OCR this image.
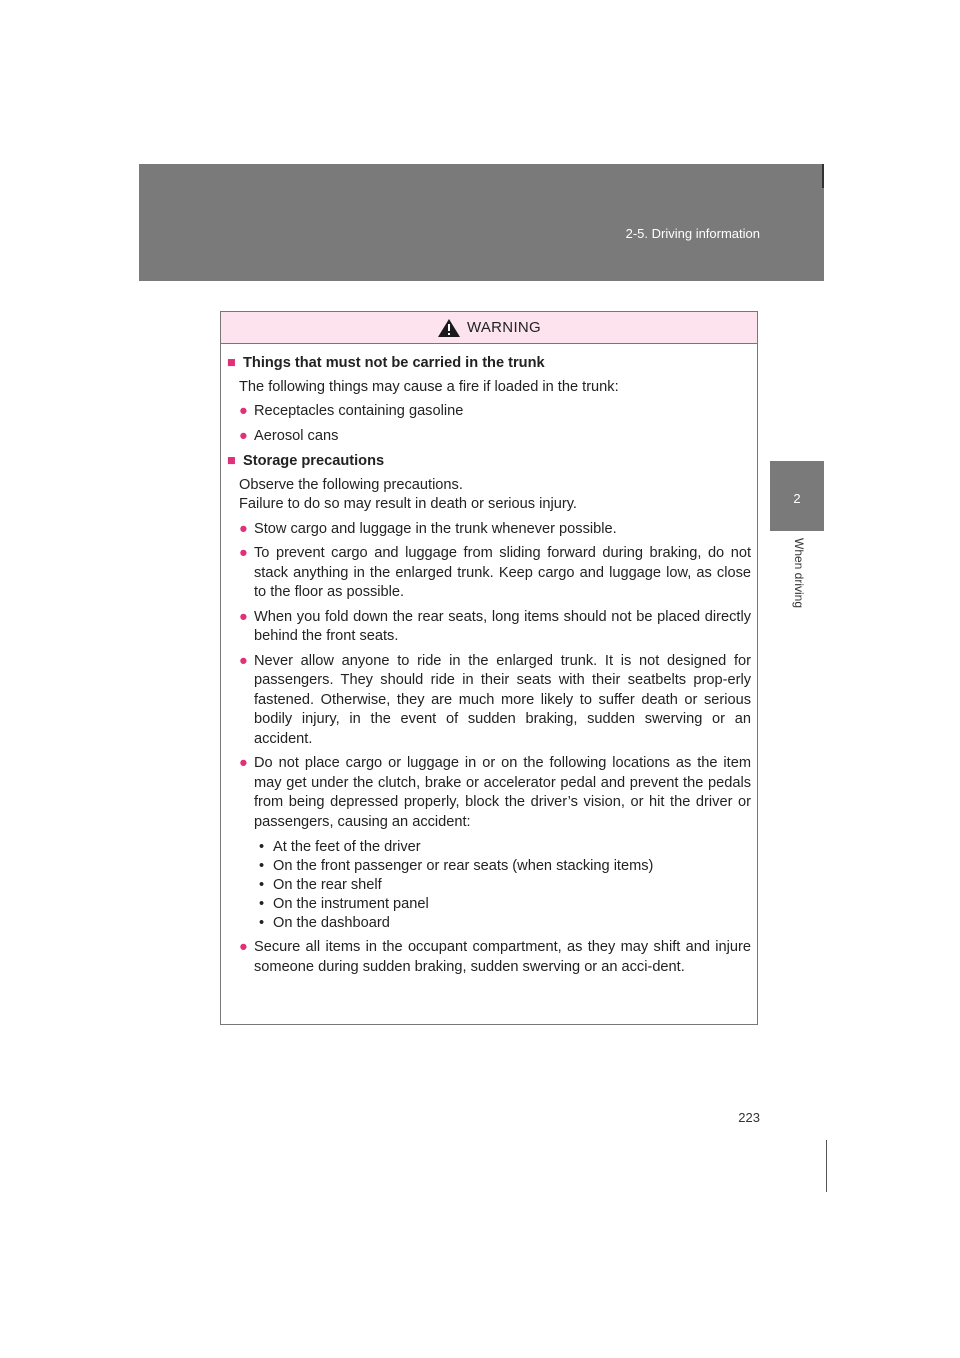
2-5. Driving information
2
When driving
WARNING
■ Things that must not be carried in the trunk
The following things may cause a fire if loaded in the trunk:
● Receptacles containing gasoline
● Aerosol cans
■ Storage precautions
Observe the following precautions.
Failure to do so may result in death or serious injury.
● Stow cargo and luggage in the trunk whenever possible.
● To prevent cargo and luggage from sliding forward during braking, do not stack anything in the enlarged trunk. Keep cargo and luggage low, as close to the floor as possible.
● When you fold down the rear seats, long items should not be placed directly behind the front seats.
● Never allow anyone to ride in the enlarged trunk. It is not designed for passengers. They should ride in their seats with their seatbelts prop-erly fastened. Otherwise, they are much more likely to suffer death or serious bodily injury, in the event of sudden braking, sudden swerving or an accident.
● Do not place cargo or luggage in or on the following locations as the item may get under the clutch, brake or accelerator pedal and prevent the pedals from being depressed properly, block the driver’s vision, or hit the driver or passengers, causing an accident:
• At the feet of the driver
• On the front passenger or rear seats (when stacking items)
• On the rear shelf
• On the instrument panel
• On the dashboard
● Secure all items in the occupant compartment, as they may shift and injure someone during sudden braking, sudden swerving or an acci-dent.
223
